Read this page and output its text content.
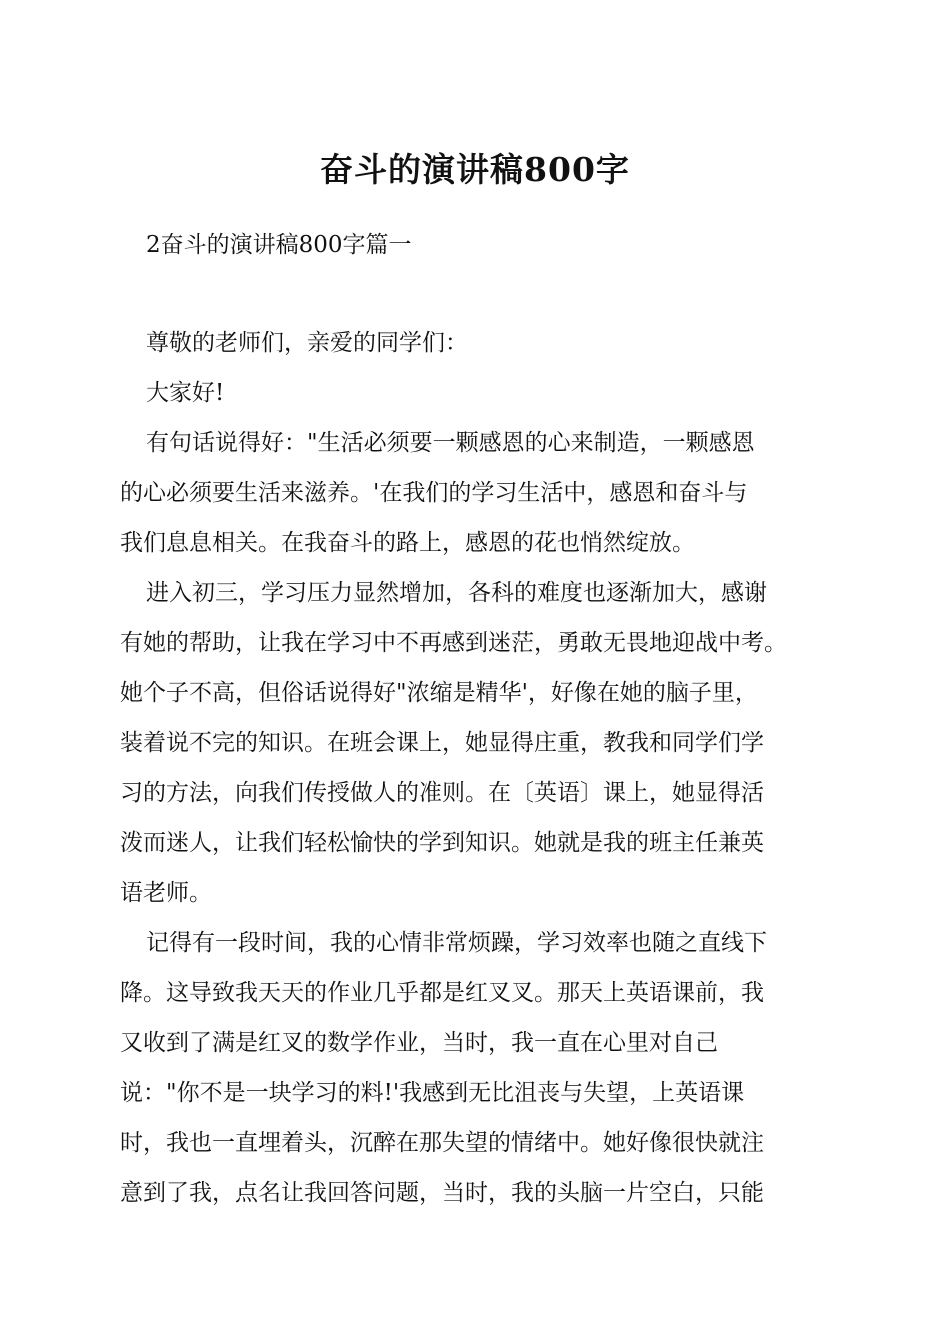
奋斗的演讲稿800字

2奋斗的演讲稿800字篇一

尊敬的老师们，亲爱的同学们：

大家好!

有句话说得好："生活必须要一颗感恩的心来制造，一颗感恩

的心必须要生活来滋养。'在我们的学习生活中，感恩和奋斗与

我们息息相关。在我奋斗的路上，感恩的花也悄然绽放。

进入初三，学习压力显然增加，各科的难度也逐渐加大，感谢

有她的帮助，让我在学习中不再感到迷茫，勇敢无畏地迎战中考。

她个子不高，但俗话说得好"浓缩是精华'，好像在她的脑子里，

装着说不完的知识。在班会课上，她显得庄重，教我和同学们学

习的方法，向我们传授做人的准则。在〔英语〕课上，她显得活

泼而迷人，让我们轻松愉快的学到知识。她就是我的班主任兼英

语老师。

记得有一段时间，我的心情非常烦躁，学习效率也随之直线下

降。这导致我天天的作业几乎都是红叉叉。那天上英语课前，我

又收到了满是红叉的数学作业，当时，我一直在心里对自己

说："你不是一块学习的料!'我感到无比沮丧与失望，上英语课

时，我也一直埋着头，沉醉在那失望的情绪中。她好像很快就注

意到了我，点名让我回答问题，当时，我的头脑一片空白，只能
